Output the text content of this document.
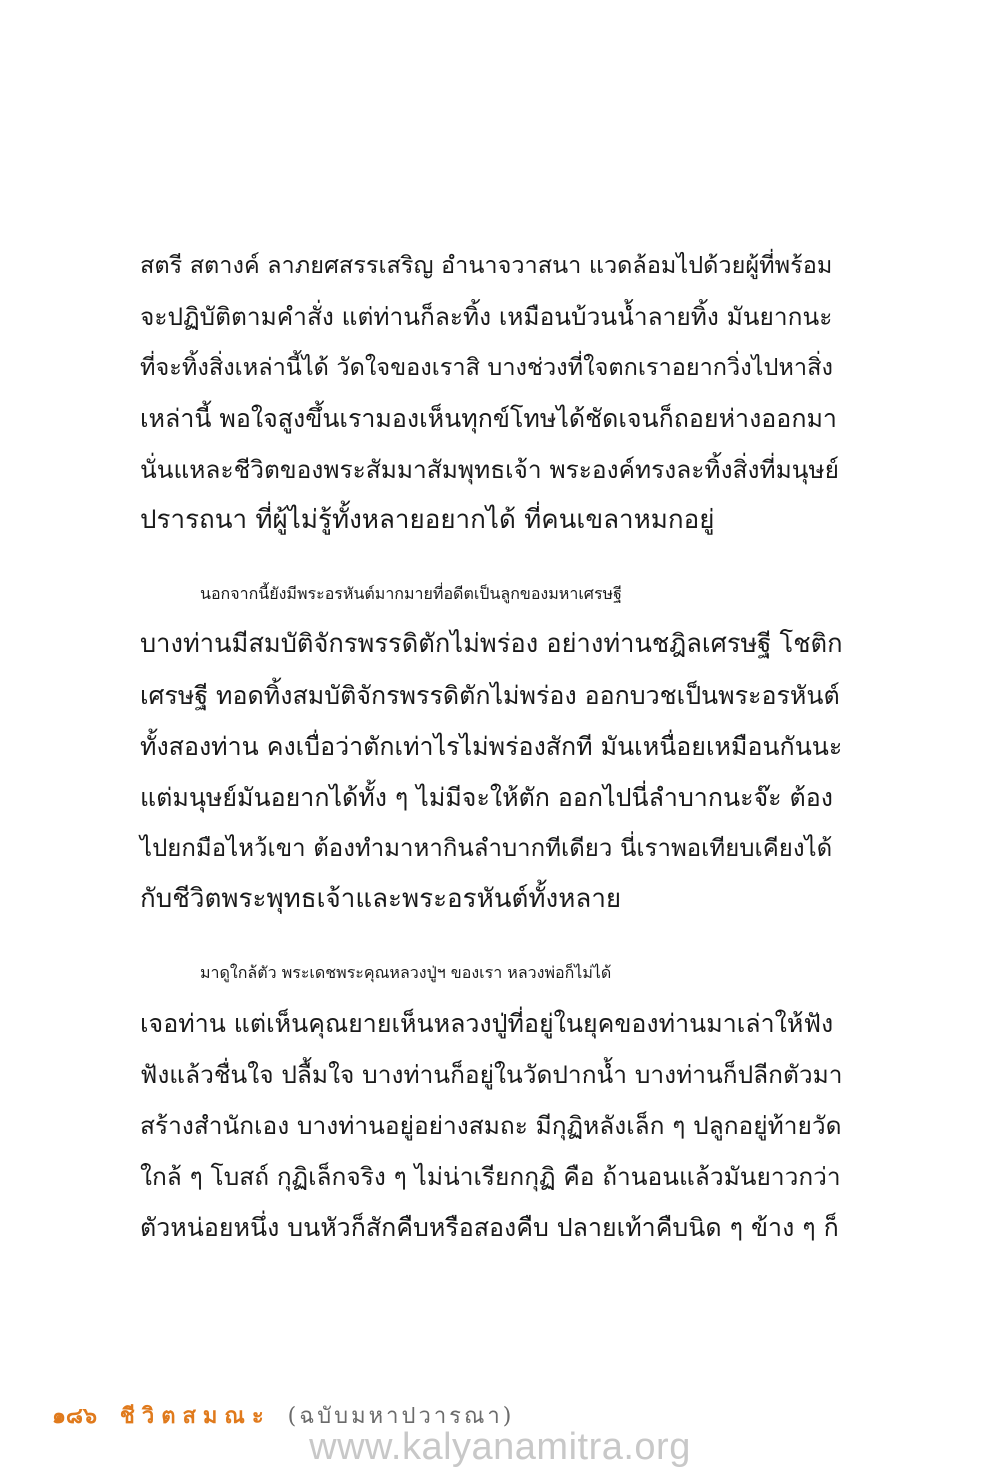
สตรี สตางค์ ลาภยศสรรเสริญ อำนาจวาสนา แวดล้อมไปด้วยผู้ที่พร้อม
จะปฏิบัติตามคำสั่ง แต่ท่านก็ละทิ้ง เหมือนบ้วนน้ำลายทิ้ง มันยากนะ
ที่จะทิ้งสิ่งเหล่านี้ได้ วัดใจของเราสิ บางช่วงที่ใจตกเราอยากวิ่งไปหาสิ่ง
เหล่านี้ พอใจสูงขึ้นเรามองเห็นทุกข์โทษได้ชัดเจนก็ถอยห่างออกมา
นั่นแหละชีวิตของพระสัมมาสัมพุทธเจ้า พระองค์ทรงละทิ้งสิ่งที่มนุษย์
ปรารถนา ที่ผู้ไม่รู้ทั้งหลายอยากได้ ที่คนเขลาหมกอยู่
นอกจากนี้ยังมีพระอรหันต์มากมายที่อดีตเป็นลูกของมหาเศรษฐี
บางท่านมีสมบัติจักรพรรดิตักไม่พร่อง อย่างท่านชฎิลเศรษฐี โชติก
เศรษฐี ทอดทิ้งสมบัติจักรพรรดิตักไม่พร่อง ออกบวชเป็นพระอรหันต์
ทั้งสองท่าน คงเบื่อว่าตักเท่าไรไม่พร่องสักที มันเหนื่อยเหมือนกันนะ
แต่มนุษย์มันอยากได้ทั้ง ๆ ไม่มีจะให้ตัก ออกไปนี่ลำบากนะจ๊ะ ต้อง
ไปยกมือไหว้เขา ต้องทำมาหากินลำบากทีเดียว นี่เราพอเทียบเคียงได้
กับชีวิตพระพุทธเจ้าและพระอรหันต์ทั้งหลาย
มาดูใกล้ตัว พระเดชพระคุณหลวงปู่ฯ ของเรา หลวงพ่อก็ไม่ได้
เจอท่าน แต่เห็นคุณยายเห็นหลวงปู่ที่อยู่ในยุคของท่านมาเล่าให้ฟัง
ฟังแล้วชื่นใจ ปลื้มใจ บางท่านก็อยู่ในวัดปากน้ำ บางท่านก็ปลีกตัวมา
สร้างสำนักเอง บางท่านอยู่อย่างสมถะ มีกุฏิหลังเล็ก ๆ ปลูกอยู่ท้ายวัด
ใกล้ ๆ โบสถ์ กุฏิเล็กจริง ๆ ไม่น่าเรียกกุฏิ คือ ถ้านอนแล้วมันยาวกว่า
ตัวหน่อยหนึ่ง บนหัวก็สักคืบหรือสองคืบ ปลายเท้าคืบนิด ๆ ข้าง ๆ ก็
๑๘๖ ชีวิตสมณะ (ฉบับมหาปวารณา)
www.kalyanamitra.org
